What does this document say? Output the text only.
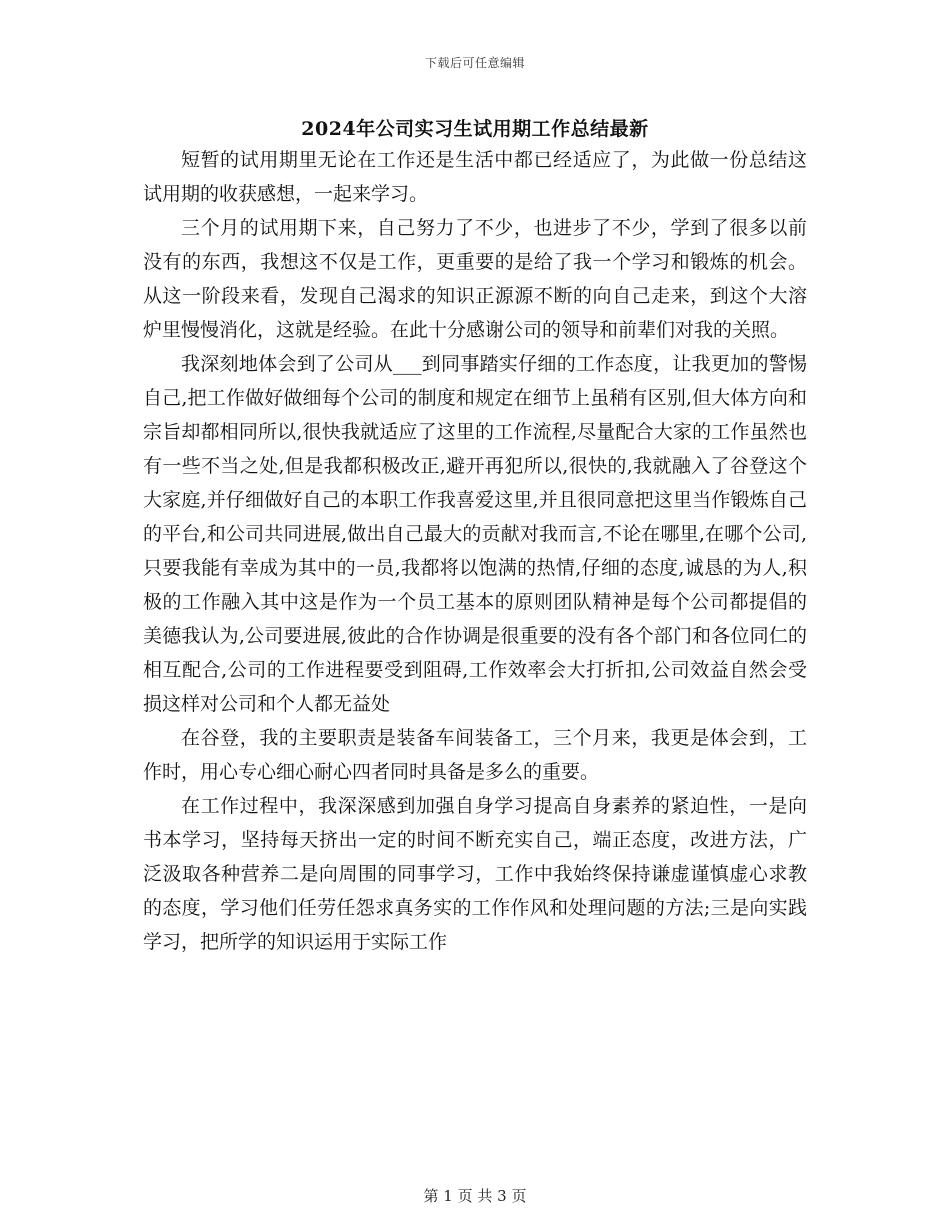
下载后可任意编辑
2024年公司实习生试用期工作总结最新

短暂的试用期里无论在工作还是生活中都已经适应了，为此做一份总结这试用期的收获感想，一起来学习。

三个月的试用期下来，自己努力了不少，也进步了不少，学到了很多以前没有的东西，我想这不仅是工作，更重要的是给了我一个学习和锻炼的机会。从这一阶段来看，发现自己渴求的知识正源源不断的向自己走来，到这个大溶炉里慢慢消化，这就是经验。在此十分感谢公司的领导和前辈们对我的关照。

我深刻地体会到了公司从___到同事踏实仔细的工作态度，让我更加的警惕自己,把工作做好做细每个公司的制度和规定在细节上虽稍有区别,但大体方向和宗旨却都相同所以,很快我就适应了这里的工作流程,尽量配合大家的工作虽然也有一些不当之处,但是我都积极改正,避开再犯所以,很快的,我就融入了谷登这个大家庭,并仔细做好自己的本职工作我喜爱这里,并且很同意把这里当作锻炼自己的平台,和公司共同进展,做出自己最大的贡献对我而言,不论在哪里,在哪个公司,只要我能有幸成为其中的一员,我都将以饱满的热情,仔细的态度,诚恳的为人,积极的工作融入其中这是作为一个员工基本的原则团队精神是每个公司都提倡的美德我认为,公司要进展,彼此的合作协调是很重要的没有各个部门和各位同仁的相互配合,公司的工作进程要受到阻碍,工作效率会大打折扣,公司效益自然会受损这样对公司和个人都无益处

在谷登，我的主要职责是装备车间装备工，三个月来，我更是体会到，工作时，用心专心细心耐心四者同时具备是多么的重要。

在工作过程中，我深深感到加强自身学习提高自身素养的紧迫性，一是向书本学习，坚持每天挤出一定的时间不断充实自己，端正态度，改进方法，广泛汲取各种营养二是向周围的同事学习，工作中我始终保持谦虚谨慎虚心求教的态度，学习他们任劳任怨求真务实的工作作风和处理问题的方法;三是向实践学习，把所学的知识运用于实际工作

第 1 页 共 3 页
